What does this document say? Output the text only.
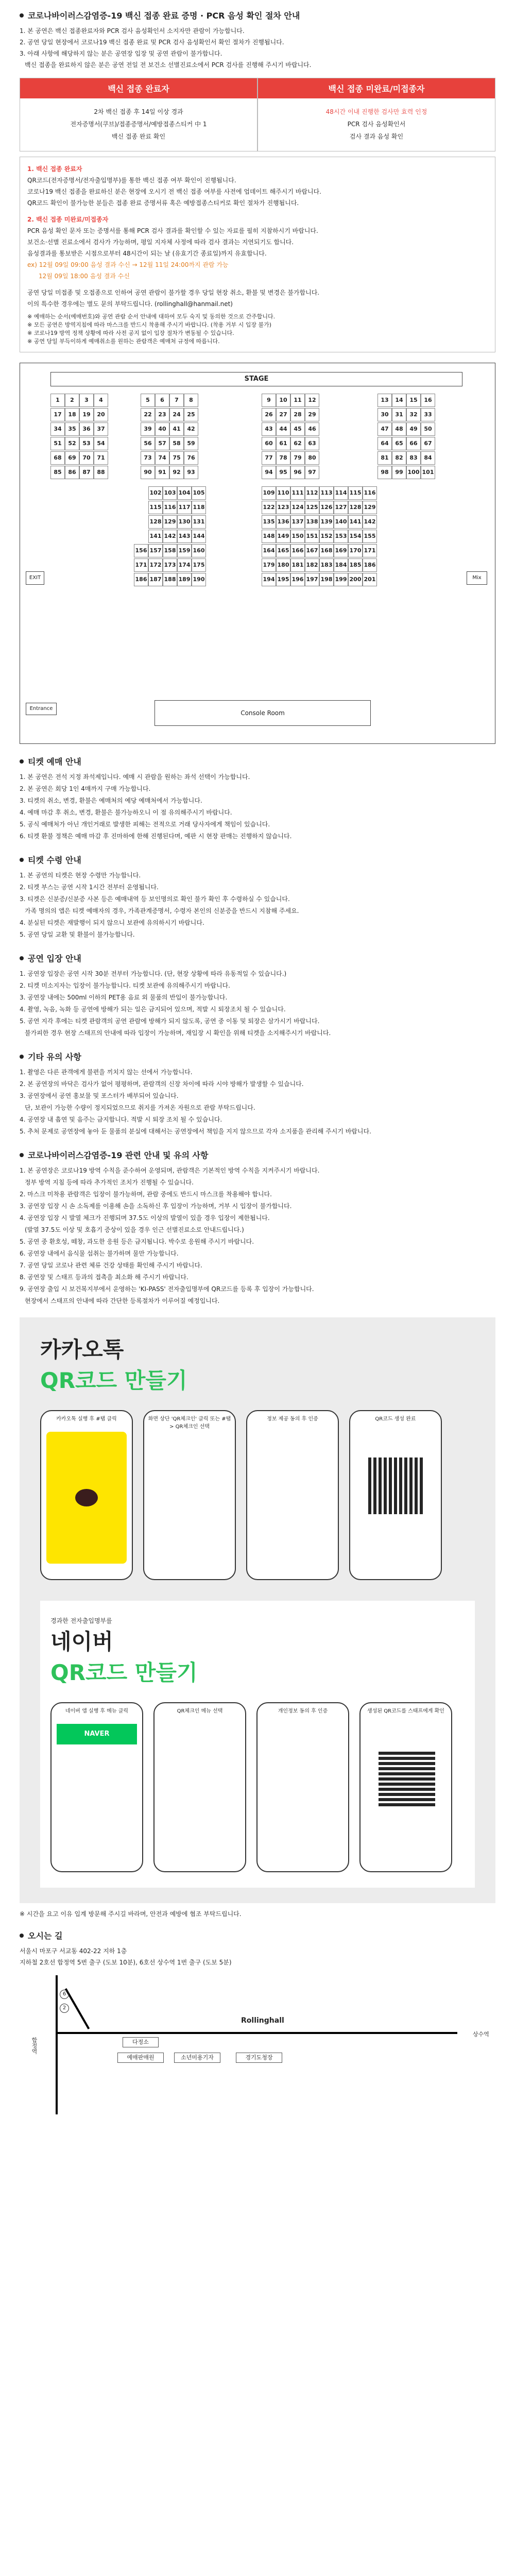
코로나바이러스감염증-19 백신 접종 완료 증명 · PCR 음성 확인 절차 안내
1. 본 공연은 백신 접종완료자와 PCR 검사 음성확인서 소지자만 관람이 가능합니다.
2. 공연 당일 현장에서 코로나19 백신 접종 완료 및 PCR 검사 음성확인서 확인 절차가 진행됩니다.
3. 아래 사항에 해당하지 않는 분은 공연장 입장 및 공연 관람이 불가합니다.
백신 접종을 완료하지 않은 분은 공연 전일 전 보건소 선별진료소에서 PCR 검사를 진행해 주시기 바랍니다.
백신 접종 완료자
2차 백신 접종 후 14일 이상 경과
전자증명서(쿠브)/접종증명서/예방접종스티커 中 1
백신 접종 완료 확인
백신 접종 미완료/미접종자
48시간 이내 진행한 검사만 효력 인정
PCR 검사 음성확인서
검사 결과 음성 확인
1. 백신 접종 완료자
QR코드(전자증명서/전자출입명부)를 통한 백신 접종 여부 확인이 진행됩니다.
코로나19 백신 접종을 완료하신 분은 현장에 오시기 전 백신 접종 여부를 사전에 업데이트 해주시기 바랍니다.
QR코드 확인이 불가능한 분들은 접종 완료 증명서류 혹은 예방접종스티커로 확인 절차가 진행됩니다.
2. 백신 접종 미완료/미접종자
PCR 음성 확인 문자 또는 증명서를 통해 PCR 검사 결과를 확인할 수 있는 자료를 필히 지참하시기 바랍니다.
보건소·선별 진료소에서 검사가 가능하며, 평일 지자체 사정에 따라 검사 결과는 지연되기도 합니다.
음성결과를 통보받은 시점으로부터 48시간이 되는 날 (유효기간 종료일)까지 유효합니다.
ex) 12월 09일 09:00 음성 결과 수신 → 12월 11일 24:00까지 관람 가능
12월 09일 18:00 음성 결과 수신
공연 당일 미접종 및 오접종으로 인하여 공연 관람이 불가할 경우 당일 현장 취소, 환불 및 변경은 불가합니다.
이의 특수한 경우에는 별도 문의 부탁드립니다. (rollinghall@hanmail.net)
※ 예매하는 순서(예매번호)와 공연 관람 순서 안내에 대하여 모두 숙지 및 동의한 것으로 간주합니다.
※ 모든 공연은 방역지침에 따라 마스크를 반드시 착용해 주시기 바랍니다. (착용 거부 시 입장 불가)
※ 코로나19 방역 정책 상황에 따라 사전 공지 없이 입장 절차가 변동될 수 있습니다.
※ 공연 당일 부득이하게 예매취소를 원하는 관람객은 예매처 규정에 따릅니다.
STAGE
1	2	3	4	5	6	7	8	9	10	11	12	13	14	15	16
17	18	19	20	22	23	24	25	26	27	28	29	30	31	32	33
34	35	36	37	39	40	41	42	43	44	45	46	47	48	49	50
51	52	53	54	56	57	58	59	60	61	62	63	64	65	66	67
68	69	70	71	73	74	75	76	77	78	79	80	81	82	83	84
85	86	87	88	90	91	92	93	94	95	96	97	98	99 100 101
102 103 104 105	109 110 111 112 113 114 115 116
115 116 117 118	122 123 124 125 126 127 128 129
128 129 130 131	135 136 137 138 139 140 141 142
141 142 143 144	148 149 150 151 152 153 154 155
156 157 158 159 160	164 165 166 167 168 169 170 171
171 172 173 174 175	179 180 181 182 183 184 185 186
186 187 188 189 190	194 195 196 197 198 199 200 201
EXIT	Mix
Entrance
Console Room
티켓 예매 안내
1. 본 공연은 전석 지정 좌석제입니다. 예매 시 관람을 원하는 좌석 선택이 가능합니다.
2. 본 공연은 회당 1인 4매까지 구매 가능합니다.
3. 티켓의 취소, 변경, 환불은 예매처의 예당 예매처에서 가능합니다.
4. 예매 마감 후 취소, 변경, 환불은 불가능하오니 이 점 유의해주시기 바랍니다.
5. 공식 예매처가 아닌 개인거래로 발생한 피해는 전적으로 거래 당사자에게 책임이 있습니다.
6. 티켓 환불 정책은 예매 마감 후 진마하에 한해 진행된다며, 예판 시 현장 판매는 진행하지 않습니다.
티켓 수령 안내
1. 본 공연의 티켓은 현장 수령만 가능합니다.
2. 티켓 부스는 공연 시작 1시간 전부터 운영됩니다.
3. 티켓은 신분증/신분증 사본 등은 예매내역 등 보인명의로 확인 불가 확인 후 수령하실 수 있습니다.
가족 명의의 앱은 티켓 예매자의 경우, 가족관계증명서, 수령자 본인의 신분증을 반드시 지참해 주세요.
4. 분실된 티켓은 재발행이 되지 않으니 보관에 유의하시기 바랍니다.
5. 공연 당일 교환 및 환불이 불가능합니다.
공연 입장 안내
1. 공연장 입장은 공연 시작 30분 전부터 가능합니다. (단, 현장 상황에 따라 유동적일 수 있습니다.)
2. 티켓 미소지자는 입장이 불가능합니다. 티켓 보관에 유의해주시기 바랍니다.
3. 공연장 내에는 500ml 이하의 PET용 음료 외 물품의 반입이 불가능합니다.
4. 촬영, 녹음, 녹화 등 공연에 방해가 되는 일은 금지되어 있으며, 적발 시 퇴장조치 될 수 있습니다.
5. 공연 지각 후에는 티켓 관람객의 공연 관람에 방해가 되지 않도록, 공연 중 이동 및 퇴장은 삼가시기 바랍니다.
불가피한 경우 현장 스태프의 안내에 따라 입장이 가능하며, 재입장 시 확인을 위해 티켓을 소지해주시기 바랍니다.
기타 유의 사항
1. 촬영은 다른 관객에게 불편을 끼치지 않는 선에서 가능합니다.
2. 본 공연장의 바닥은 검사가 없어 평평하며, 관람객의 신장 차이에 따라 시야 방해가 발생할 수 있습니다.
3. 공연장에서 공연 홍보물 및 포스터가 배부되어 있습니다.
단, 보관이 가능한 수량이 정지되었으므로 취지를 가져온 자원으로 관람 부탁드립니다.
4. 공연장 내 흡연 및 음주는 금지합니다. 적발 시 퇴장 조치 될 수 있습니다.
5. 추처 문제로 공연장에 놓아 둔 물품의 분실에 대해서는 공연장에서 책임을 지지 않으므로 각자 소지품을 관리해 주시기 바랍니다.
코로나바이러스감염증-19 관련 안내 및 유의 사항
1. 본 공연장은 코로나19 방역 수칙을 준수하여 운영되며, 관람객은 기본적인 방역 수칙을 지켜주시기 바랍니다.
정부 방역 지침 등에 따라 추가적인 조치가 진행될 수 있습니다.
2. 마스크 미착용 관람객은 입장이 불가능하며, 관람 중에도 반드시 마스크를 착용해야 합니다.
3. 공연장 입장 시 손 소독제를 이용해 손을 소독하신 후 입장이 가능하며, 거부 시 입장이 불가합니다.
4. 공연장 입장 시 발열 체크가 진행되며 37.5도 이상의 발열이 있을 경우 입장이 제한됩니다.
(발열 37.5도 이상 및 호흡기 증상이 있을 경우 인근 선별진료소로 안내드립니다.)
5. 공연 중 환호성, 떼창, 과도한 응원 등은 금지됩니다. 박수로 응원해 주시기 바랍니다.
6. 공연장 내에서 음식물 섭취는 불가하며 물만 가능합니다.
7. 공연 당일 코로나 관련 체류 건강 상태를 확인해 주시기 바랍니다.
8. 공연장 및 스태프 등과의 접촉을 최소화 해 주시기 바랍니다.
9. 공연장 출입 시 보건복지부에서 운영하는 'KI-PASS' 전자출입명부에 QR코드를 등록 후 입장이 가능합니다.
현장에서 스태프의 안내에 따라 간단한 등록절차가 이루어질 예정입니다.
카카오톡
QR코드 만들기
카카오톡 실행 후 #탭 클릭	화면 상단 'QR체크인' 클릭 또는 #탭 > QR체크인 선택
정보 제공 동의 후 인증	QR코드 생성 완료
경과한 전자출입명부를
네이버
QR코드 만들기
네이버 앱 실행 후 메뉴 클릭
NAVER
QR체크인 메뉴 선택	개인정보 동의 후 인증	생성된 QR코드를 스태프에게 확인
※ 시간을 요고 이유 입계 방문해 주시길 바라며, 안전과 예방에 협조 부탁드립니다.
오시는 길
서울시 마포구 서교동 402-22 지하 1층
지하철 2호선 합정역 5번 출구 (도보 10분), 6호선 상수역 1번 출구 (도보 5분)
6
2
합정역	다정소
예매판매원	소년미용기자	경기도청장
Rollinghall
상수역
